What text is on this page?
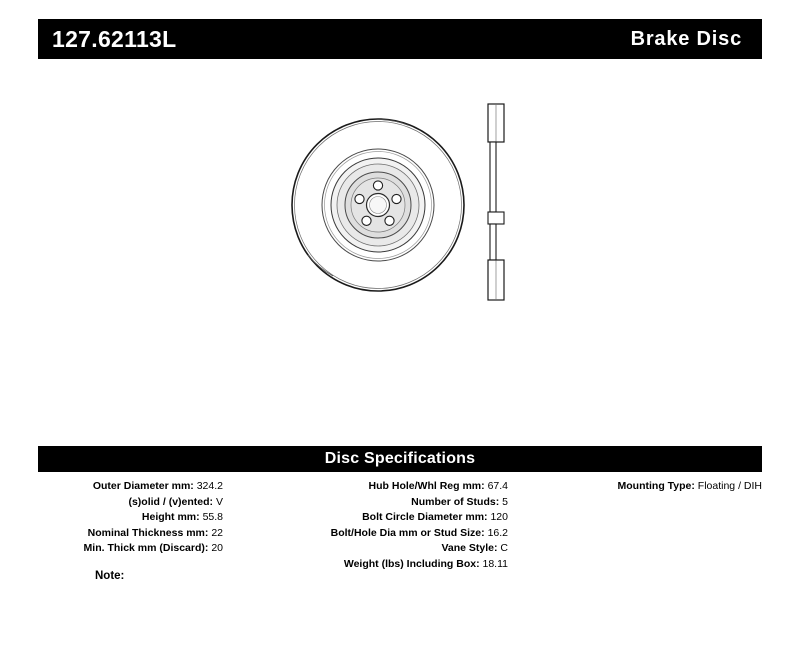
127.62113L	Brake Disc
Disc Specifications
Outer Diameter mm: 324.2
(s)olid / (v)ented: V
Height mm: 55.8
Nominal Thickness mm: 22
Min. Thick mm (Discard): 20
Hub Hole/Whl Reg mm: 67.4
Number of Studs: 5
Bolt Circle Diameter mm: 120
Bolt/Hole Dia mm or Stud Size: 16.2
Vane Style: C
Weight (lbs) Including Box: 18.11
Mounting Type: Floating / DIH
Note:
